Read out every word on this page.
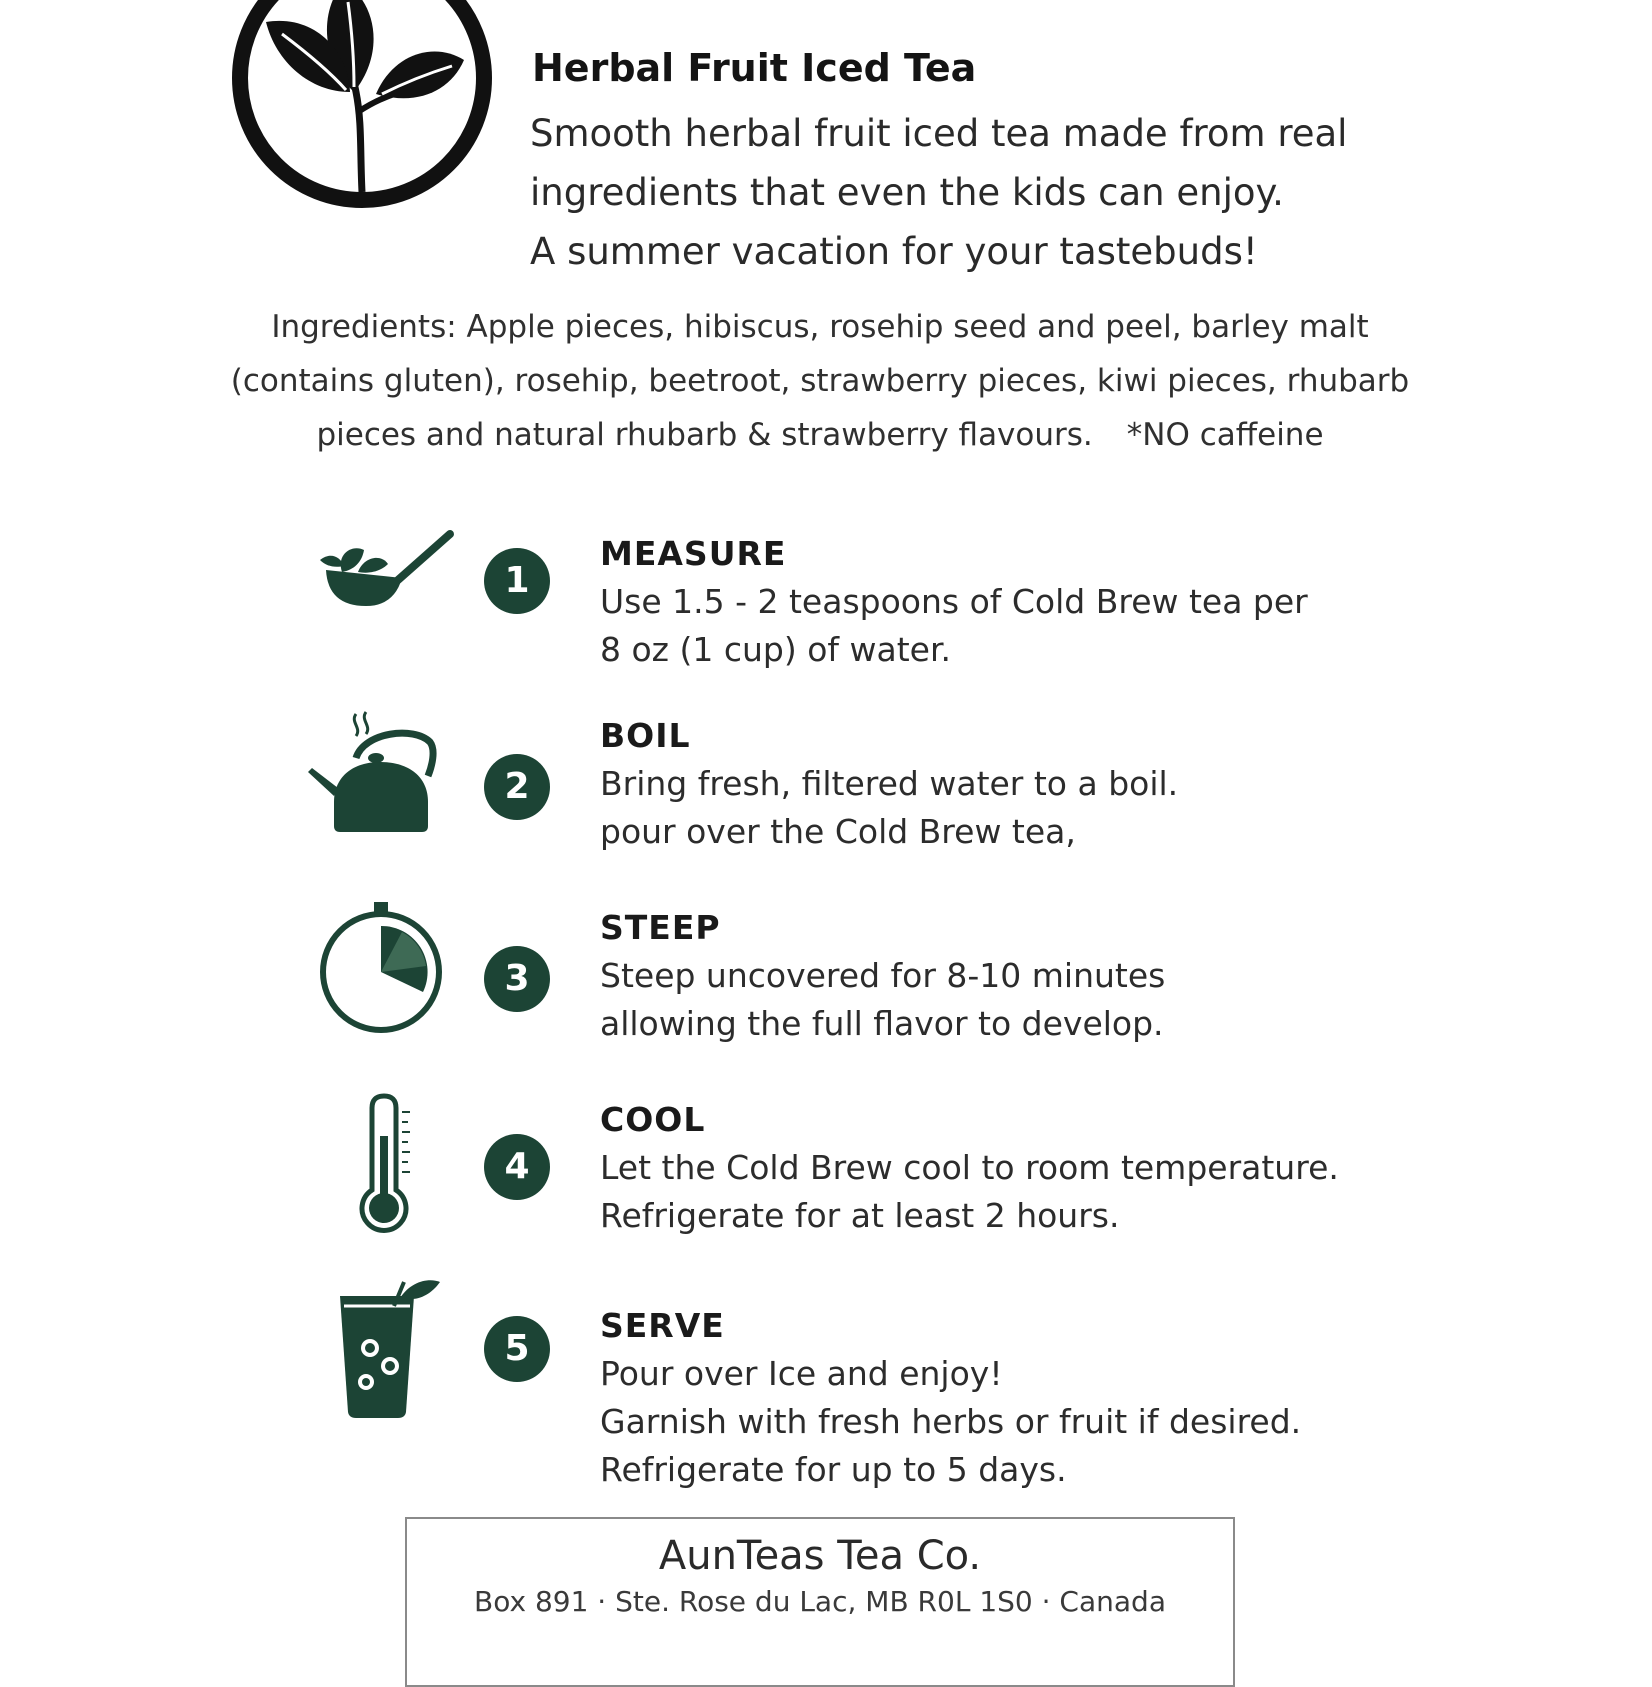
Herbal Fruit Iced Tea
Smooth herbal fruit iced tea made from real
ingredients that even the kids can enjoy.
A summer vacation for your tastebuds!
Ingredients: Apple pieces, hibiscus, rosehip seed and peel, barley malt
(contains gluten), rosehip, beetroot, strawberry pieces, kiwi pieces, rhubarb
pieces and natural rhubarb & strawberry flavours. *NO caffeine
1
MEASURE
Use 1.5 - 2 teaspoons of Cold Brew tea per
8 oz (1 cup) of water.
2
BOIL
Bring fresh, filtered water to a boil.
pour over the Cold Brew tea,
3
STEEP
Steep uncovered for 8-10 minutes
allowing the full flavor to develop.
4
COOL
Let the Cold Brew cool to room temperature.
Refrigerate for at least 2 hours.
5
SERVE
Pour over Ice and enjoy!
Garnish with fresh herbs or fruit if desired.
Refrigerate for up to 5 days.
AunTeas Tea Co.
Box 891 · Ste. Rose du Lac, MB R0L 1S0 · Canada
